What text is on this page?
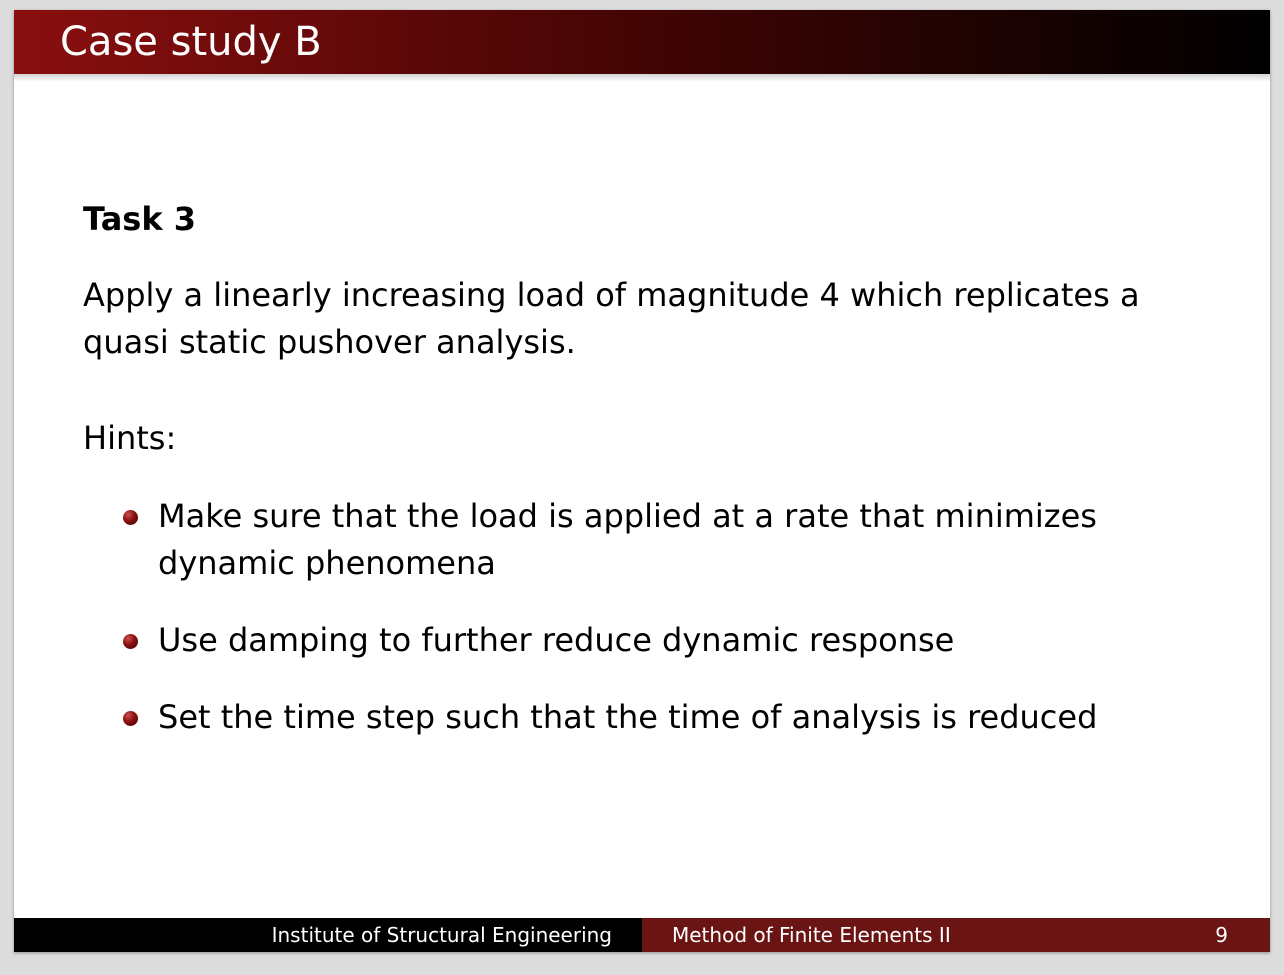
Case study B
Task 3

Apply a linearly increasing load of magnitude 4 which replicates a quasi static pushover analysis.

Hints:
Make sure that the load is applied at a rate that minimizes dynamic phenomena
Use damping to further reduce dynamic response
Set the time step such that the time of analysis is reduced
Institute of Structural Engineering	Method of Finite Elements II	9
